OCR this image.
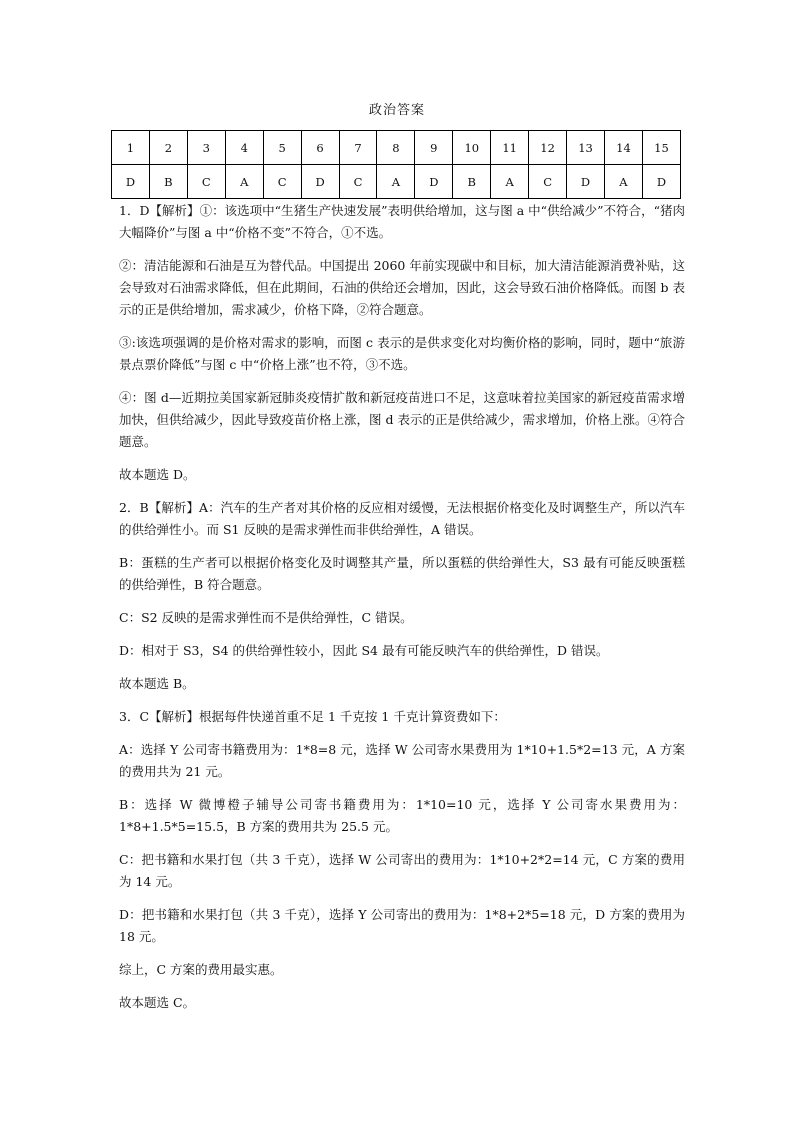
政治答案
1	2	3	4	5	6	7	8	9	10	11	12	13	14	15
D	B	C	A	C	D	C	A	D	B	A	C	D	A	D

1．D【解析】①：该选项中“生猪生产快速发展”表明供给增加，这与图 a 中“供给减少”不符合，“猪肉大幅降价”与图 a 中“价格不变”不符合，①不选。

②：清洁能源和石油是互为替代品。中国提出 2060 年前实现碳中和目标，加大清洁能源消费补贴，这会导致对石油需求降低，但在此期间，石油的供给还会增加，因此，这会导致石油价格降低。而图 b 表示的正是供给增加，需求减少，价格下降，②符合题意。

③:该选项强调的是价格对需求的影响，而图 c 表示的是供求变化对均衡价格的影响，同时，题中“旅游景点票价降低”与图 c 中“价格上涨”也不符，③不选。

④：图 d—近期拉美国家新冠肺炎疫情扩散和新冠疫苗进口不足，这意味着拉美国家的新冠疫苗需求增加快，但供给减少，因此导致疫苗价格上涨，图 d 表示的正是供给减少，需求增加，价格上涨。④符合题意。

故本题选 D。

2．B【解析】A：汽车的生产者对其价格的反应相对缓慢，无法根据价格变化及时调整生产，所以汽车的供给弹性小。而 S1 反映的是需求弹性而非供给弹性，A 错误。

B：蛋糕的生产者可以根据价格变化及时调整其产量，所以蛋糕的供给弹性大，S3 最有可能反映蛋糕的供给弹性，B 符合题意。

C：S2 反映的是需求弹性而不是供给弹性，C 错误。

D：相对于 S3，S4 的供给弹性较小，因此 S4 最有可能反映汽车的供给弹性，D 错误。

故本题选 B。

3．C【解析】根据每件快递首重不足 1 千克按 1 千克计算资费如下：

A：选择 Y 公司寄书籍费用为：1*8=8 元，选择 W 公司寄水果费用为 1*10+1.5*2=13 元，A 方案的费用共为 21 元。

B：选择 W 微博橙子辅导公司寄书籍费用为：1*10=10 元，选择 Y 公司寄水果费用为：1*8+1.5*5=15.5，B 方案的费用共为 25.5 元。

C：把书籍和水果打包（共 3 千克），选择 W 公司寄出的费用为：1*10+2*2=14 元，C 方案的费用为 14 元。

D：把书籍和水果打包（共 3 千克），选择 Y 公司寄出的费用为：1*8+2*5=18 元，D 方案的费用为 18 元。

综上，C 方案的费用最实惠。

故本题选 C。
